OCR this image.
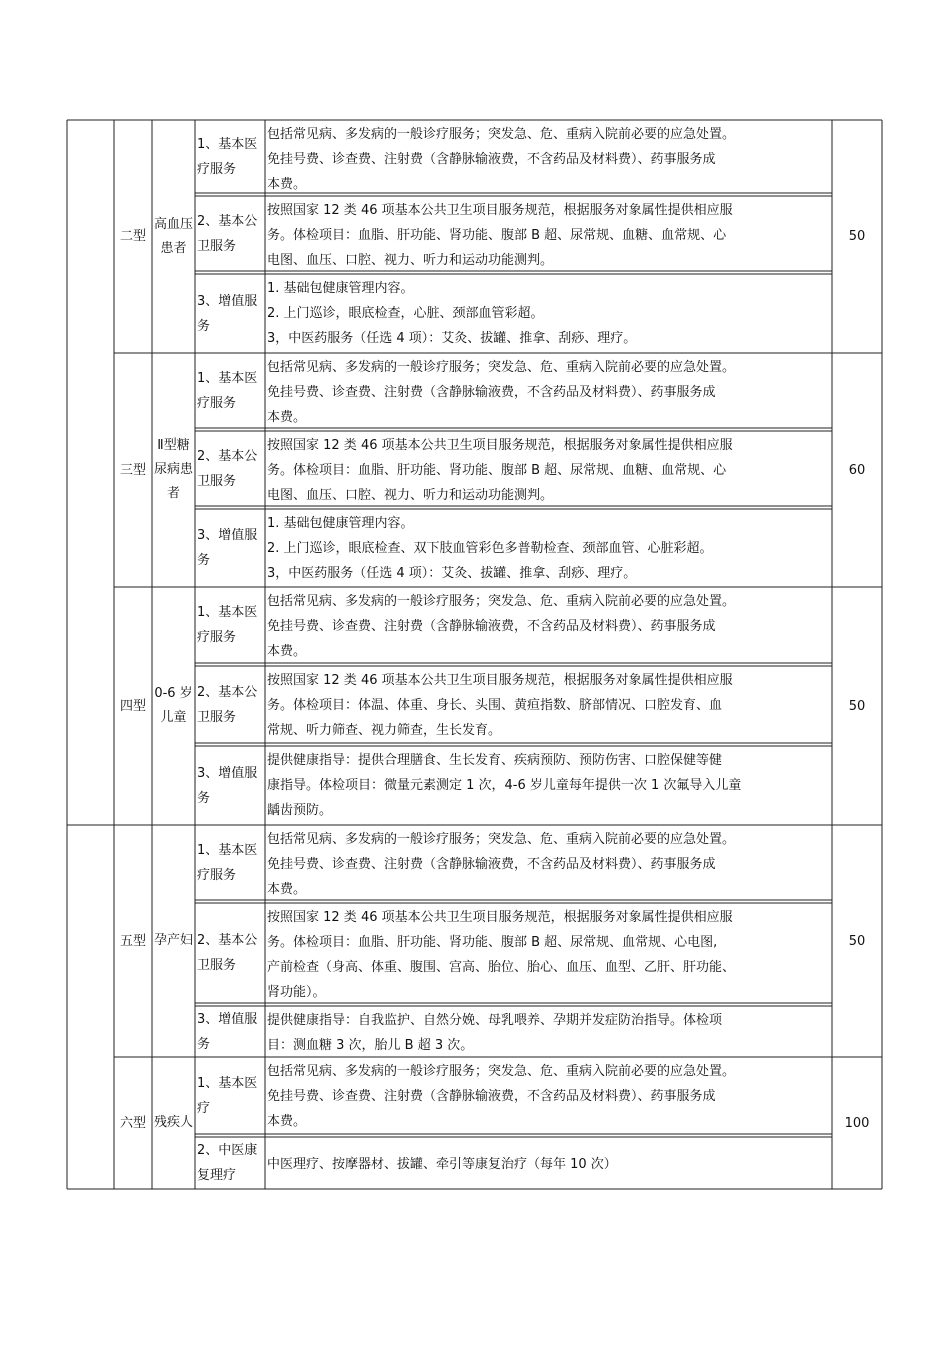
二型
高血压患者
50
1、基本医疗服务
包括常见病、多发病的一般诊疗服务；突发急、危、重病入院前必要的应急处置。
免挂号费、诊查费、注射费（含静脉输液费，不含药品及材料费）、药事服务成
本费。
2、基本公卫服务
按照国家 12 类 46 项基本公共卫生项目服务规范，根据服务对象属性提供相应服
务。体检项目：血脂、肝功能、肾功能、腹部 B 超、尿常规、血糖、血常规、心
电图、血压、口腔、视力、听力和运动功能测判。
3、增值服务
1. 基础包健康管理内容。
2. 上门巡诊，眼底检查，心脏、颈部血管彩超。
3，中医药服务（任选 4 项）：艾灸、拔罐、推拿、刮痧、理疗。
三型
Ⅱ型糖尿病患者
60
1、基本医疗服务
包括常见病、多发病的一般诊疗服务；突发急、危、重病入院前必要的应急处置。
免挂号费、诊查费、注射费（含静脉输液费，不含药品及材料费）、药事服务成
本费。
2、基本公卫服务
按照国家 12 类 46 项基本公共卫生项目服务规范，根据服务对象属性提供相应服
务。体检项目：血脂、肝功能、肾功能、腹部 B 超、尿常规、血糖、血常规、心
电图、血压、口腔、视力、听力和运动功能测判。
3、增值服务
1. 基础包健康管理内容。
2. 上门巡诊，眼底检查、双下肢血管彩色多普勒检查、颈部血管、心脏彩超。
3，中医药服务（任选 4 项）：艾灸、拔罐、推拿、刮痧、理疗。
四型
0-6 岁儿童
50
1、基本医疗服务
包括常见病、多发病的一般诊疗服务；突发急、危、重病入院前必要的应急处置。
免挂号费、诊查费、注射费（含静脉输液费，不含药品及材料费）、药事服务成
本费。
2、基本公卫服务
按照国家 12 类 46 项基本公共卫生项目服务规范，根据服务对象属性提供相应服
务。体检项目：体温、体重、身长、头围、黄疸指数、脐部情况、口腔发育、血
常规、听力筛查、视力筛查，生长发育。
3、增值服务
提供健康指导：提供合理膳食、生长发育、疾病预防、预防伤害、口腔保健等健
康指导。体检项目：微量元素测定 1 次，4-6 岁儿童每年提供一次 1 次氟导入儿童
龋齿预防。
五型 孕产妇	50
1、基本医疗服务
包括常见病、多发病的一般诊疗服务；突发急、危、重病入院前必要的应急处置。
免挂号费、诊查费、注射费（含静脉输液费，不含药品及材料费）、药事服务成
本费。
2、基本公卫服务
按照国家 12 类 46 项基本公共卫生项目服务规范，根据服务对象属性提供相应服
务。体检项目：血脂、肝功能、肾功能、腹部 B 超、尿常规、血常规、心电图,
产前检查（身高、体重、腹围、宫高、胎位、胎心、血压、血型、乙肝、肝功能、
肾功能）。
3、增值服务
提供健康指导：自我监护、自然分娩、母乳喂养、孕期并发症防治指导。体检项
目：测血糖 3 次，胎儿 B 超 3 次。
六型 残疾人	100
1、基本医疗
包括常见病、多发病的一般诊疗服务；突发急、危、重病入院前必要的应急处置。
免挂号费、诊查费、注射费（含静脉输液费，不含药品及材料费）、药事服务成
本费。
2、中医康复理疗
中医理疗、按摩器材、拔罐、牵引等康复治疗（每年 10 次）
